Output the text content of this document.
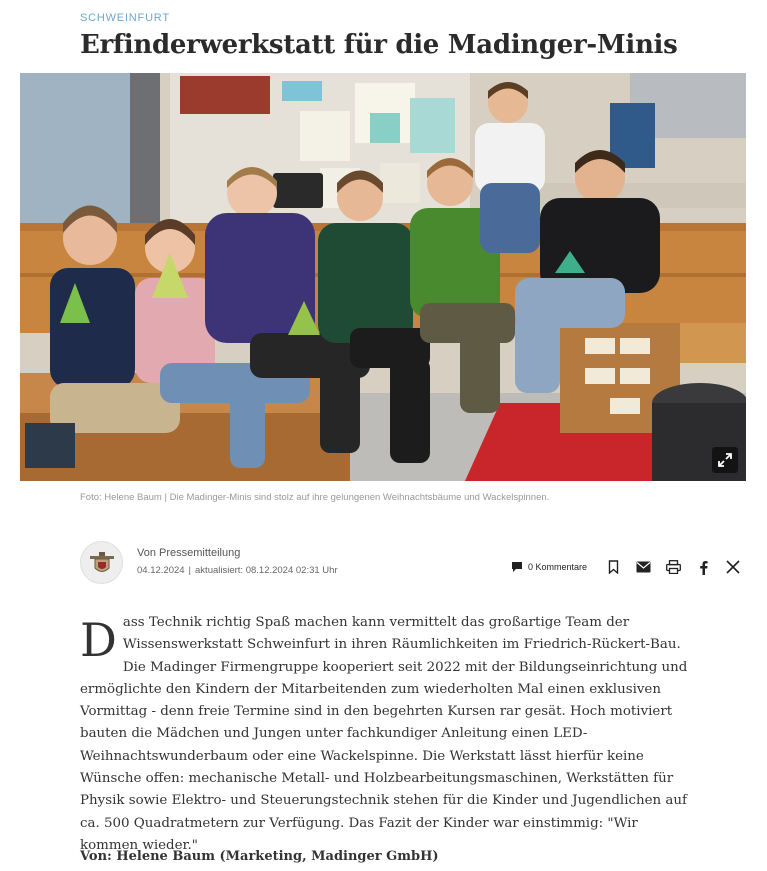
SCHWEINFURT
Erfinderwerkstatt für die Madinger-Minis
Foto: Helene Baum | Die Madinger-Minis sind stolz auf ihre gelungenen Weihnachtsbäume und Wackelspinnen.
Von Pressemitteilung
04.12.2024 | aktualisiert: 08.12.2024 02:31 Uhr	0 Kommentare
Dass Technik richtig Spaß machen kann vermittelt das großartige Team der Wissenswerkstatt Schweinfurt in ihren Räumlichkeiten im Friedrich-Rückert-Bau. Die Madinger Firmengruppe kooperiert seit 2022 mit der Bildungseinrichtung und ermöglichte den Kindern der Mitarbeitenden zum wiederholten Mal einen exklusiven Vormittag - denn freie Termine sind in den begehrten Kursen rar gesät. Hoch motiviert bauten die Mädchen und Jungen unter fachkundiger Anleitung einen LED-Weihnachtswunderbaum oder eine Wackelspinne. Die Werkstatt lässt hierfür keine Wünsche offen: mechanische Metall- und Holzbearbeitungsmaschinen, Werkstätten für Physik sowie Elektro- und Steuerungstechnik stehen für die Kinder und Jugendlichen auf ca. 500 Quadratmetern zur Verfügung. Das Fazit der Kinder war einstimmig: "Wir kommen wieder."
Von: Helene Baum (Marketing, Madinger GmbH)
